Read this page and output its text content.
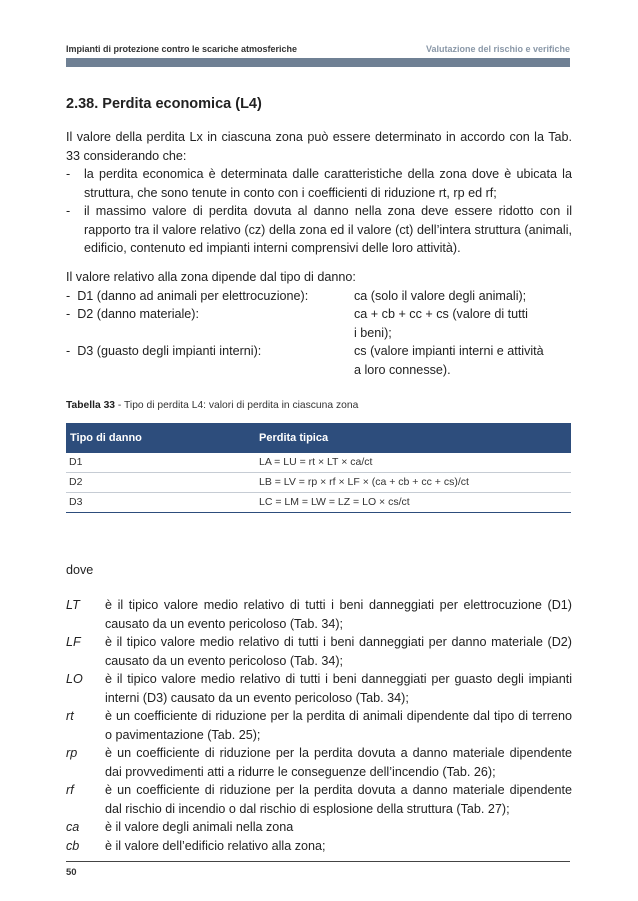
Impianti di protezione contro le scariche atmosferiche	Valutazione del rischio e verifiche
2.38. Perdita economica (L4)

Il valore della perdita Lx in ciascuna zona può essere determinato in accordo con la Tab. 33 considerando che:

- la perdita economica è determinata dalle caratteristiche della zona dove è ubicata la struttura, che sono tenute in conto con i coefficienti di riduzione rt, rp ed rf;
- il massimo valore di perdita dovuta al danno nella zona deve essere ridotto con il rapporto tra il valore relativo (cz) della zona ed il valore (ct) dell’intera struttura (animali, edificio, contenuto ed impianti interni comprensivi delle loro attività).

Il valore relativo alla zona dipende dal tipo di danno:

- D1 (danno ad animali per elettrocuzione):	ca (solo il valore degli animali);
- D2 (danno materiale):	ca + cb + cc + cs (valore di tutti
i beni);
- D3 (guasto degli impianti interni):	cs (valore impianti interni e attività
a loro connesse).
Tabella 33 - Tipo di perdita L4: valori di perdita in ciascuna zona
Tipo di danno	Perdita tipica
D1	LA = LU = rt × LT × ca/ct
D2	LB = LV = rp × rf × LF × (ca + cb + cc + cs)/ct
D3	LC = LM = LW = LZ = LO × cs/ct
dove
LT è il tipico valore medio relativo di tutti i beni danneggiati per elettrocuzione (D1) causato da un evento pericoloso (Tab. 34);
LF è il tipico valore medio relativo di tutti i beni danneggiati per danno materiale (D2) causato da un evento pericoloso (Tab. 34);
LO è il tipico valore medio relativo di tutti i beni danneggiati per guasto degli impianti interni (D3) causato da un evento pericoloso (Tab. 34);
rt è un coefficiente di riduzione per la perdita di animali dipendente dal tipo di terreno o pavimentazione (Tab. 25);
rp è un coefficiente di riduzione per la perdita dovuta a danno materiale dipendente dai provvedimenti atti a ridurre le conseguenze dell’incendio (Tab. 26);
rf è un coefficiente di riduzione per la perdita dovuta a danno materiale dipendente dal rischio di incendio o dal rischio di esplosione della struttura (Tab. 27);
ca è il valore degli animali nella zona
cb è il valore dell’edificio relativo alla zona;
50
